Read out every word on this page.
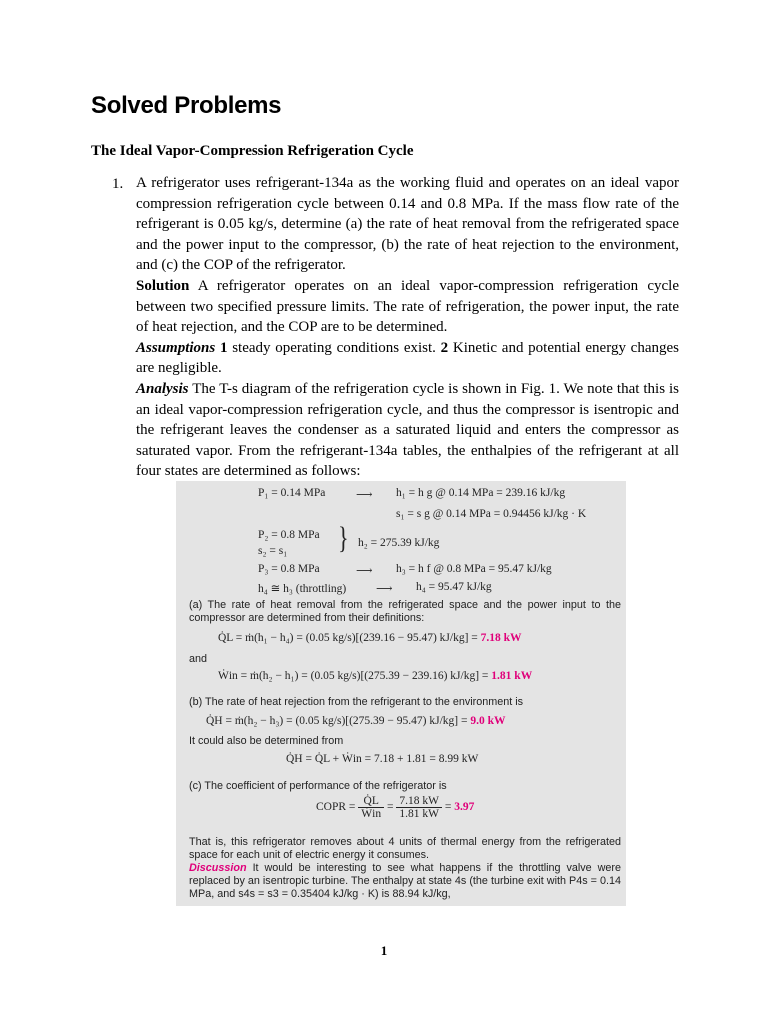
Solved Problems
The Ideal Vapor-Compression Refrigeration Cycle
1. A refrigerator uses refrigerant-134a as the working fluid and operates on an ideal vapor compression refrigeration cycle between 0.14 and 0.8 MPa. If the mass flow rate of the refrigerant is 0.05 kg/s, determine (a) the rate of heat removal from the refrigerated space and the power input to the compressor, (b) the rate of heat rejection to the environment, and (c) the COP of the refrigerator.

Solution A refrigerator operates on an ideal vapor-compression refrigeration cycle between two specified pressure limits. The rate of refrigeration, the power input, the rate of heat rejection, and the COP are to be determined.

Assumptions 1 steady operating conditions exist. 2 Kinetic and potential energy changes are negligible.

Analysis The T-s diagram of the refrigeration cycle is shown in Fig. 1. We note that this is an ideal vapor-compression refrigeration cycle, and thus the compressor is isentropic and the refrigerant leaves the condenser as a saturated liquid and enters the compressor as saturated vapor. From the refrigerant-134a tables, the enthalpies of the refrigerant at all four states are determined as follows:

P₁ = 0.14 MPa	⟶ h₁ = h g @ 0.14 MPa = 239.16 kJ/kg
s₁ = s g @ 0.14 MPa = 0.94456 kJ/kg · K
P₂ = 0.8 MPa
s₂ = s₁ } h₂ = 275.39 kJ/kg
P₃ = 0.8 MPa	⟶ h₃ = h f @ 0.8 MPa = 95.47 kJ/kg
h₄ ≅ h₃ (throttling)	⟶ h₄ = 95.47 kJ/kg
(a) The rate of heat removal from the refrigerated space and the power input to the compressor are determined from their definitions:
Q̇L = ṁ(h₁ − h₄) = (0.05 kg/s)[(239.16 − 95.47) kJ/kg] = 7.18 kW
and
Ẇin = ṁ(h₂ − h₁) = (0.05 kg/s)[(275.39 − 239.16) kJ/kg] = 1.81 kW
(b) The rate of heat rejection from the refrigerant to the environment is
Q̇H = ṁ(h₂ − h₃) = (0.05 kg/s)[(275.39 − 95.47) kJ/kg] = 9.0 kW
It could also be determined from
Q̇H = Q̇L + Ẇin = 7.18 + 1.81 = 8.99 kW
(c) The coefficient of performance of the refrigerator is
COPR = $\frac{Q̇L}{\text{Ẇin}} = \frac{7.18 kW}{1.81 kW} = 3.97$
That is, this refrigerator removes about 4 units of thermal energy from the refrigerated space for each unit of electric energy it consumes.
Discussion It would be interesting to see what happens if the throttling valve were replaced by an isentropic turbine. The enthalpy at state 4s (the turbine exit with P4s = 0.14 MPa, and s4s = s3 = 0.35404 kJ/kg · K) is 88.94 kJ/kg,
1
